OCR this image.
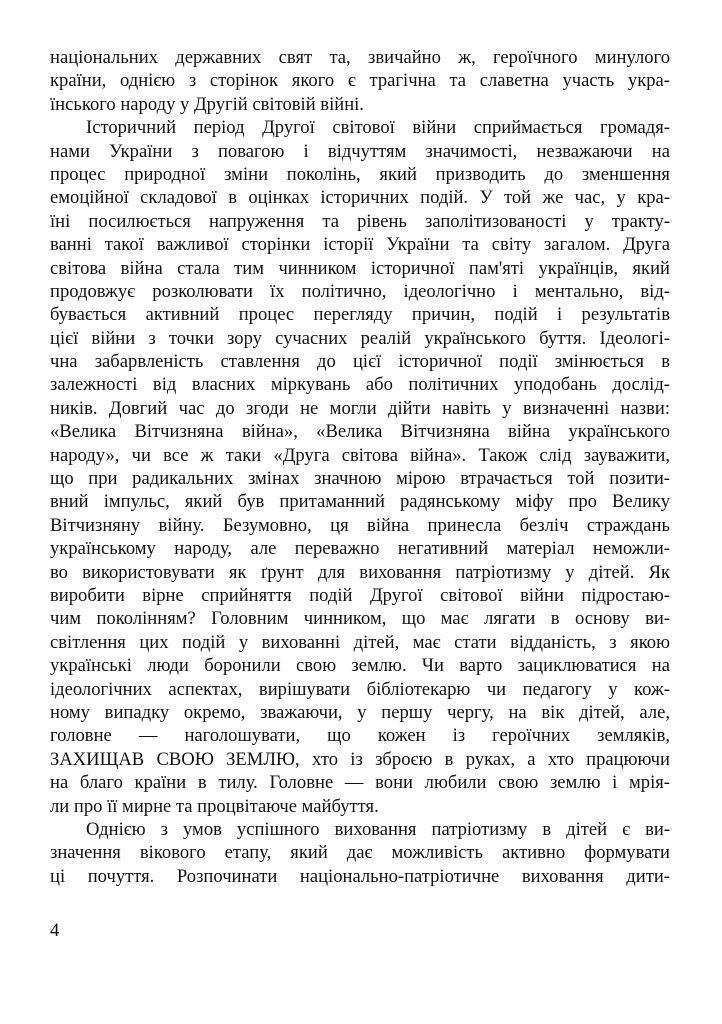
національних державних свят та, звичайно ж, героїчного минулого
країни, однією з сторінок якого є трагічна та славетна участь укра-
їнського народу у Другій світовій війні.
Історичний період Другої світової війни сприймається громадя-
нами України з повагою і відчуттям значимості, незважаючи на
процес природної зміни поколінь, який призводить до зменшення
емоційної складової в оцінках історичних подій. У той же час, у кра-
їні посилюється напруження та рівень заполітизованості у тракту-
ванні такої важливої сторінки історії України та світу загалом. Друга
світова війна стала тим чинником історичної пам'яті українців, який
продовжує розколювати їх політично, ідеологічно і ментально, від-
бувається активний процес перегляду причин, подій і результатів
цієї війни з точки зору сучасних реалій українського буття. Ідеологі-
чна забарвленість ставлення до цієї історичної події змінюється в
залежності від власних міркувань або політичних уподобань дослід-
ників. Довгий час до згоди не могли дійти навіть у визначенні назви:
«Велика Вітчизняна війна», «Велика Вітчизняна війна українського
народу», чи все ж таки «Друга світова війна». Також слід зауважити,
що при радикальних змінах значною мірою втрачається той позити-
вний імпульс, який був притаманний радянському міфу про Велику
Вітчизняну війну. Безумовно, ця війна принесла безліч страждань
українському народу, але переважно негативний матеріал неможли-
во використовувати як ґрунт для виховання патріотизму у дітей. Як
виробити вірне сприйняття подій Другої світової війни підростаю-
чим поколінням? Головним чинником, що має лягати в основу ви-
світлення цих подій у вихованні дітей, має стати відданість, з якою
українські люди боронили свою землю. Чи варто зациклюватися на
ідеологічних аспектах, вирішувати бібліотекарю чи педагогу у кож-
ному випадку окремо, зважаючи, у першу чергу, на вік дітей, але,
головне — наголошувати, що кожен із героїчних земляків,
ЗАХИЩАВ СВОЮ ЗЕМЛЮ, хто із зброєю в руках, а хто працюючи
на благо країни в тилу. Головне — вони любили свою землю і мрія-
ли про її мирне та процвітаюче майбуття.
Однією з умов успішного виховання патріотизму в дітей є ви-
значення вікового етапу, який дає можливість активно формувати
ці почуття. Розпочинати національно-патріотичне виховання дити-
4
